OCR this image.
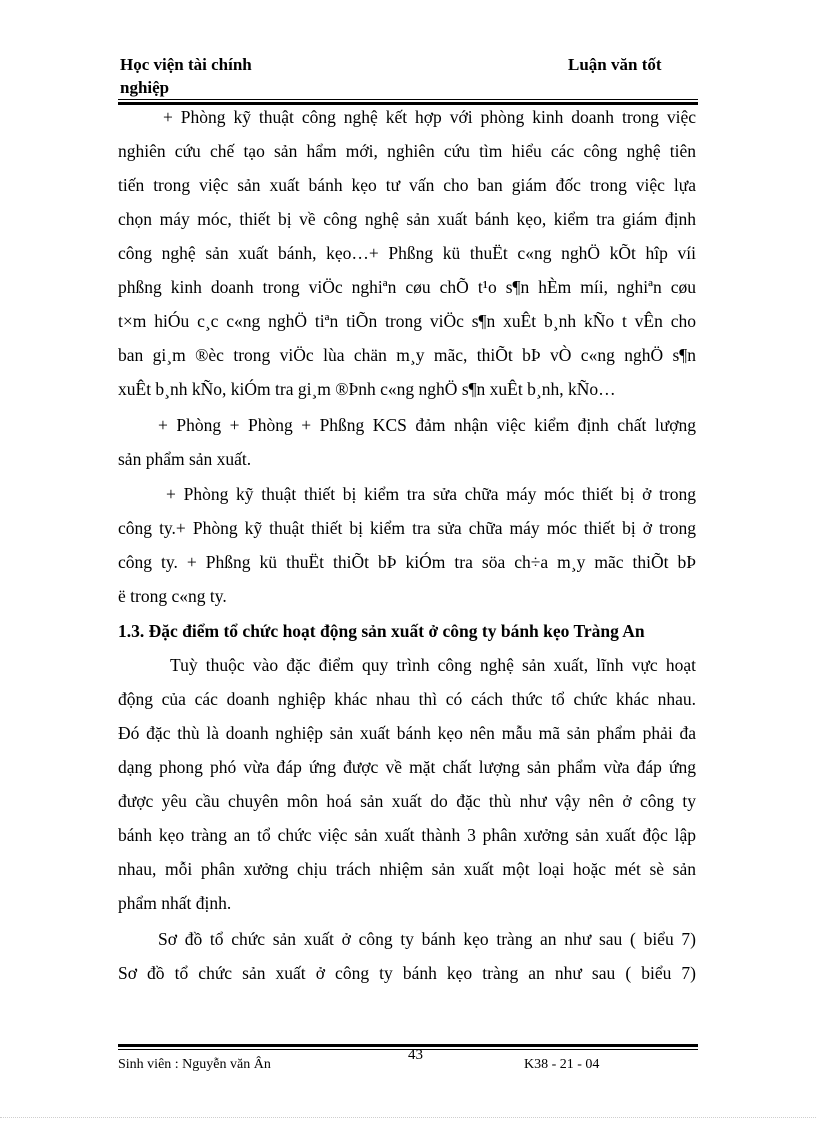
Học viện tài chính
nghiệp
Luận văn tốt
+ Phòng kỹ thuật công nghệ kết hợp với phòng kinh doanh trong việc
nghiên cứu chế tạo sản hẩm mới, nghiên cứu tìm hiểu các công nghệ tiên
tiến trong việc sản xuất bánh kẹo tư vấn cho ban giám đốc trong việc lựa
chọn máy móc, thiết bị về công nghệ sản xuất bánh kẹo, kiểm tra giám định
công nghệ sản xuất bánh, kẹo…+ Phßng kü thuËt c«ng nghÖ kÕt hîp víi
phßng kinh doanh trong viÖc nghiªn cøu chÕ t¹o s¶n hÈm míi, nghiªn cøu
t×m hiÓu c¸c c«ng nghÖ tiªn tiÕn trong viÖc s¶n xuÊt b¸nh kÑo t vÊn cho
ban gi¸m ®èc trong viÖc lùa chän m¸y mãc, thiÕt bÞ vÒ c«ng nghÖ s¶n
xuÊt b¸nh kÑo, kiÓm tra gi¸m ®Þnh c«ng nghÖ s¶n xuÊt b¸nh, kÑo…
+ Phòng + Phòng + Phßng KCS đảm nhận việc kiểm định chất lượng
sản phẩm sản xuất.
+ Phòng kỹ thuật thiết bị kiểm tra sửa chữa máy móc thiết bị ở trong
công ty.+ Phòng kỹ thuật thiết bị kiểm tra sửa chữa máy móc thiết bị ở trong
công ty. + Phßng kü thuËt thiÕt bÞ kiÓm tra söa ch÷a m¸y mãc thiÕt bÞ
ë trong c«ng ty.
1.3. Đặc điểm tổ chức hoạt động sản xuất ở công ty bánh kẹo Tràng An
Tuỳ thuộc vào đặc điểm quy trình công nghệ sản xuất, lĩnh vực hoạt
động của các doanh nghiệp khác nhau thì có cách thức tổ chức khác nhau.
Đó đặc thù là doanh nghiệp sản xuất bánh kẹo nên mẫu mã sản phẩm phải đa
dạng phong phó vừa đáp ứng được về mặt chất lượng sản phẩm vừa đáp ứng
được yêu cầu chuyên môn hoá sản xuất do đặc thù như vậy nên ở công ty
bánh kẹo tràng an tổ chức việc sản xuất thành 3 phân xưởng sản xuất độc lập
nhau, mỗi phân xưởng chịu trách nhiệm sản xuất một loại hoặc mét sè sản
phẩm nhất định.
Sơ đồ tổ chức sản xuất ở công ty bánh kẹo tràng an như sau ( biểu 7)
Sơ đồ tổ chức sản xuất ở công ty bánh kẹo tràng an như sau ( biểu 7)
Sinh viên : Nguyễn văn Ân
43
K38 - 21 - 04
